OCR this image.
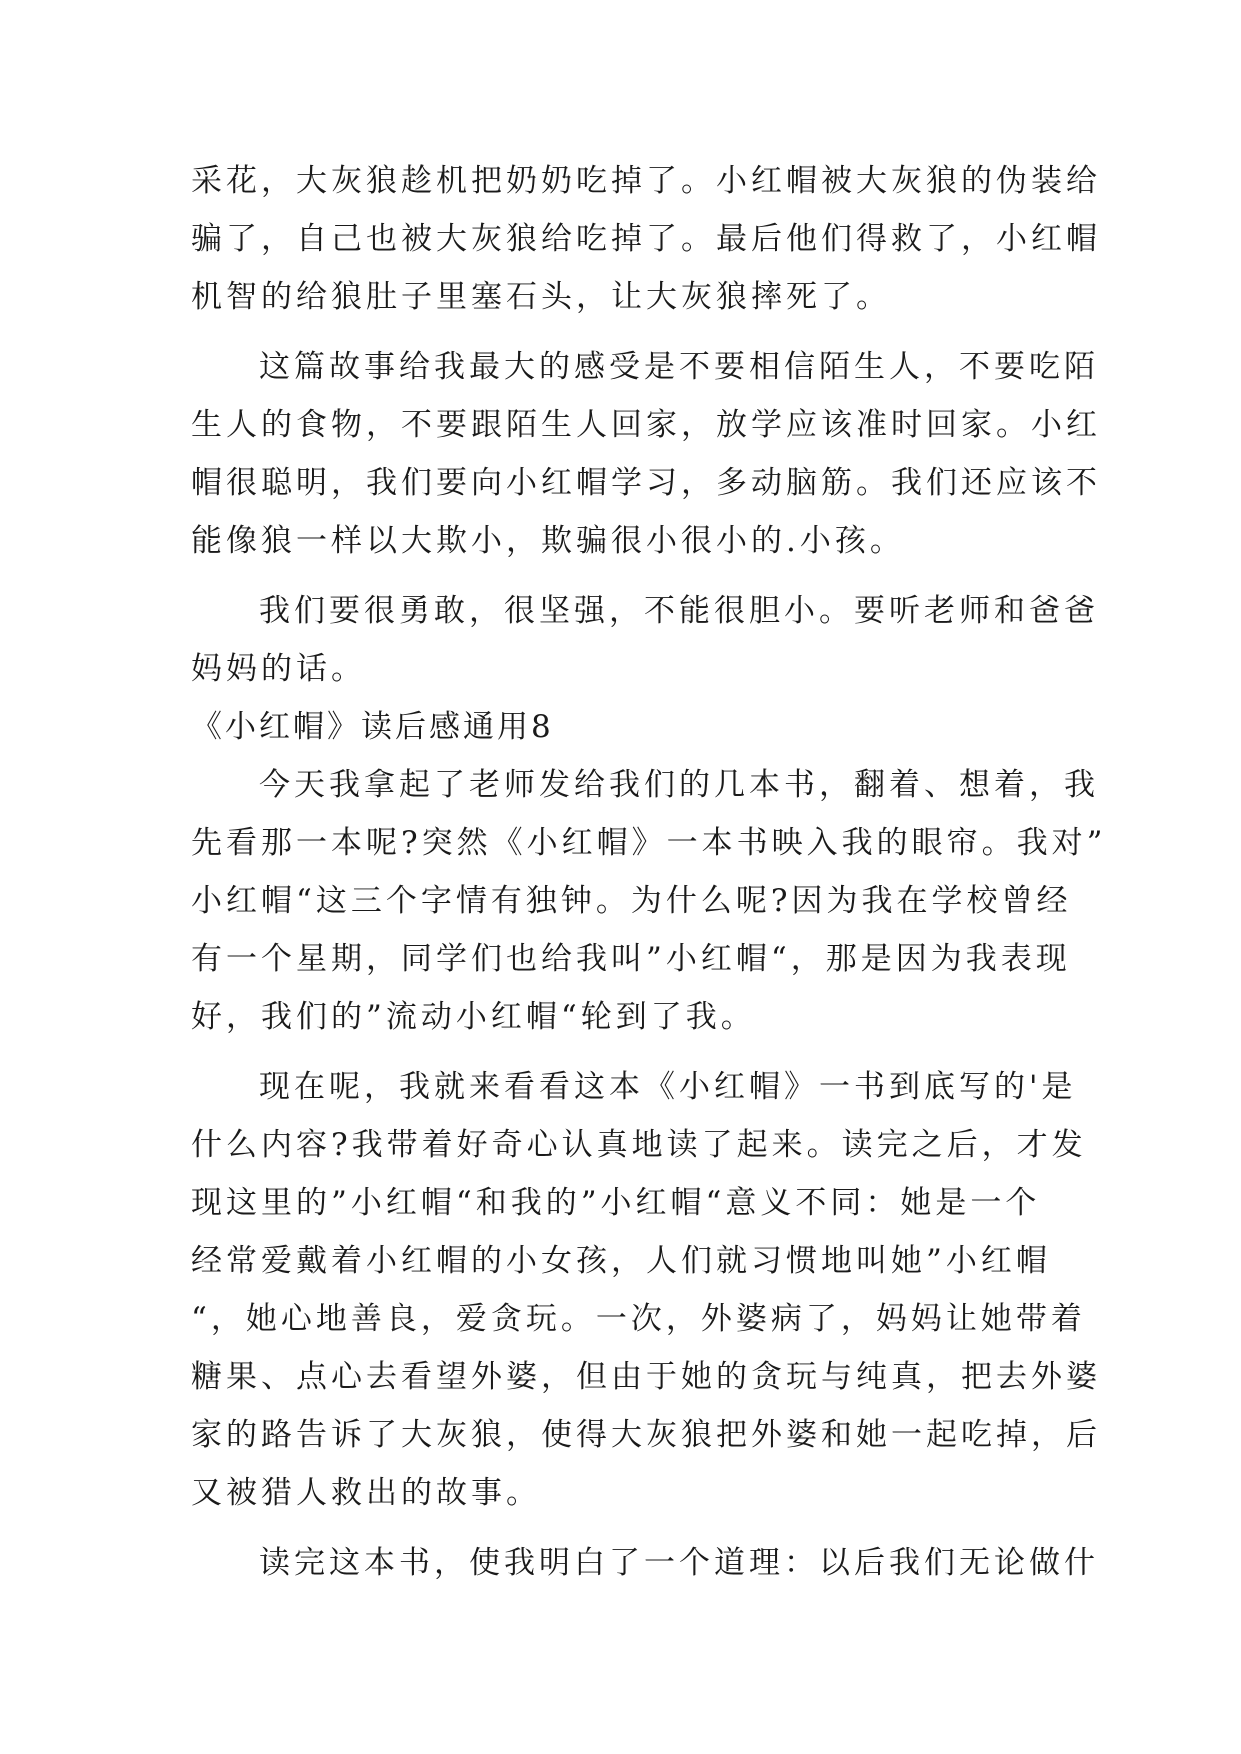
采花，大灰狼趁机把奶奶吃掉了。小红帽被大灰狼的伪装给
骗了，自己也被大灰狼给吃掉了。最后他们得救了，小红帽
机智的给狼肚子里塞石头，让大灰狼摔死了。
这篇故事给我最大的感受是不要相信陌生人，不要吃陌
生人的食物，不要跟陌生人回家，放学应该准时回家。小红
帽很聪明，我们要向小红帽学习，多动脑筋。我们还应该不
能像狼一样以大欺小，欺骗很小很小的.小孩。
我们要很勇敢，很坚强，不能很胆小。要听老师和爸爸
妈妈的话。
《小红帽》读后感通用8
今天我拿起了老师发给我们的几本书，翻着、想着，我
先看那一本呢?突然《小红帽》一本书映入我的眼帘。我对”
小红帽“这三个字情有独钟。为什么呢?因为我在学校曾经
有一个星期，同学们也给我叫”小红帽“，那是因为我表现
好，我们的”流动小红帽“轮到了我。
现在呢，我就来看看这本《小红帽》一书到底写的'是
什么内容?我带着好奇心认真地读了起来。读完之后，才发
现这里的”小红帽“和我的”小红帽“意义不同：她是一个
经常爱戴着小红帽的小女孩，人们就习惯地叫她”小红帽
“，她心地善良，爱贪玩。一次，外婆病了，妈妈让她带着
糖果、点心去看望外婆，但由于她的贪玩与纯真，把去外婆
家的路告诉了大灰狼，使得大灰狼把外婆和她一起吃掉，后
又被猎人救出的故事。
读完这本书，使我明白了一个道理：以后我们无论做什
